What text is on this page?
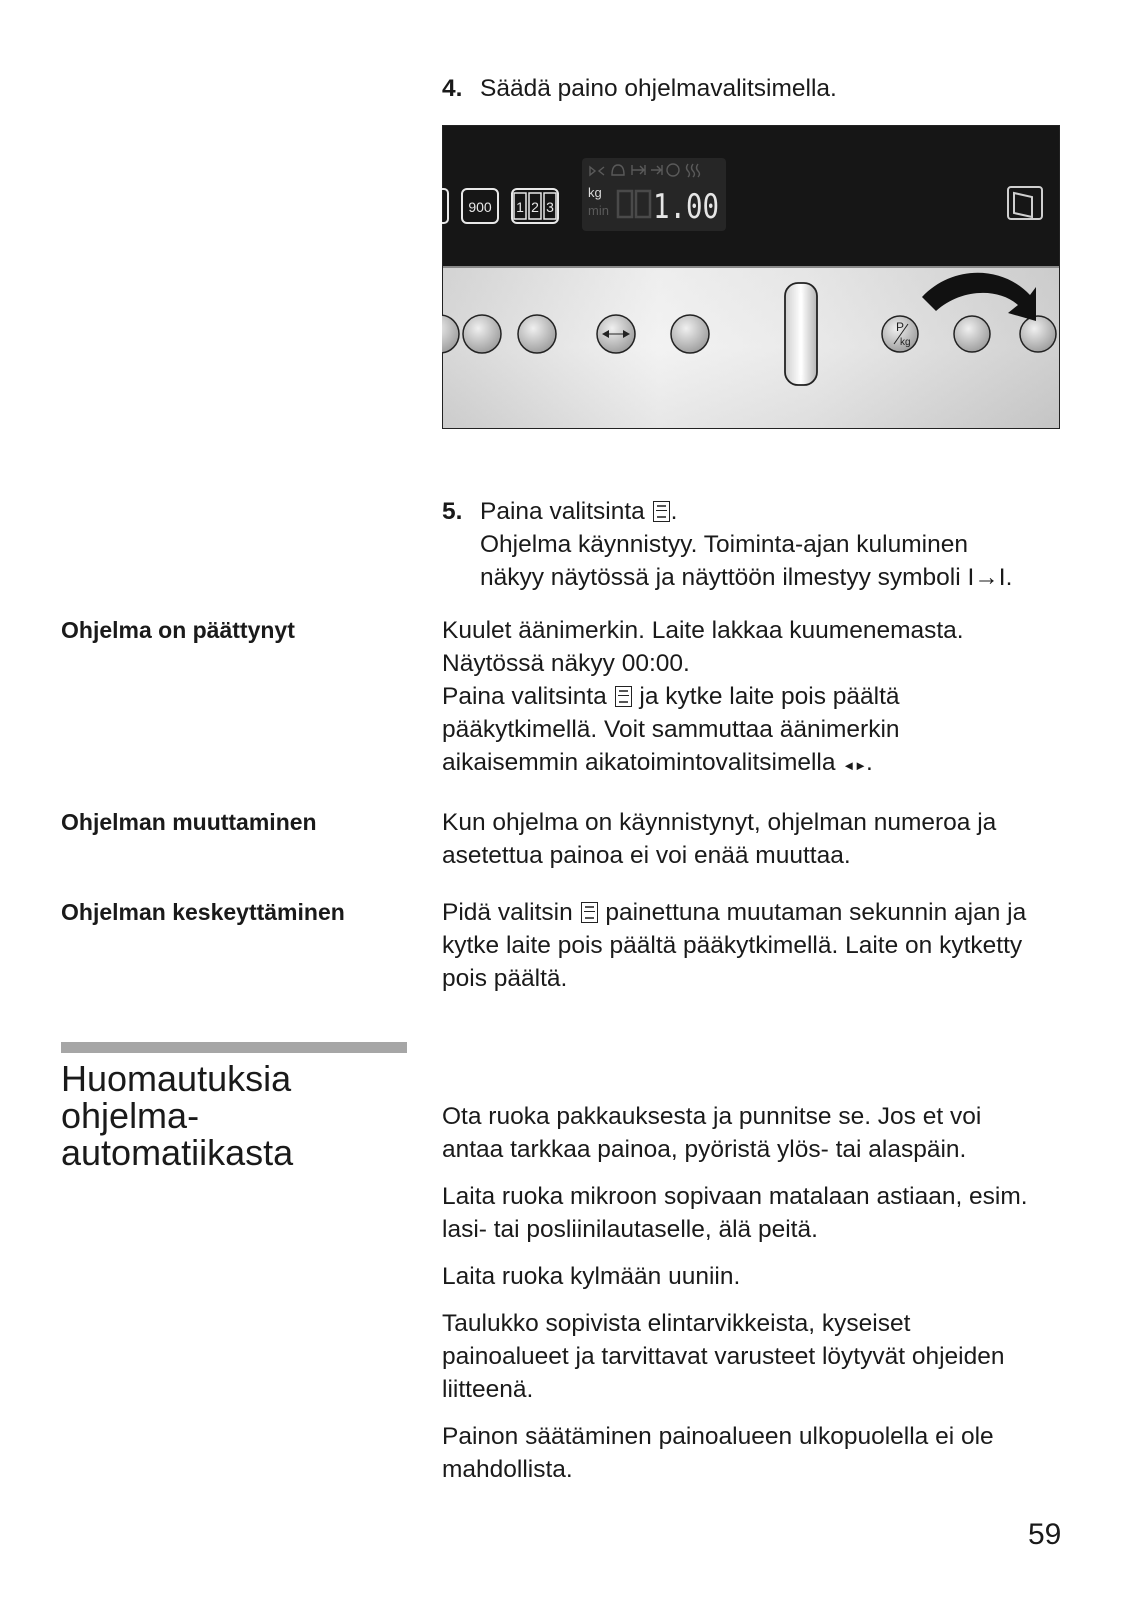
4. Säädä paino ohjelmavalitsimella.
900 1 2 3
kg
min 1.00
P
kg
5. Paina valitsinta .
Ohjelma käynnistyy. Toiminta-ajan kuluminen
näkyy näytössä ja näyttöön ilmestyy symboli I→I.
Ohjelma on päättynyt	Kuulet äänimerkin. Laite lakkaa kuumenemasta.
Näytössä näkyy 00:00.
Paina valitsinta ja kytke laite pois päältä
pääkytkimellä. Voit sammuttaa äänimerkin
aikaisemmin aikatoimintovalitsimella ◄►.
Ohjelman muuttaminen	Kun ohjelma on käynnistynyt, ohjelman numeroa ja
asetettua painoa ei voi enää muuttaa.
Ohjelman keskeyttäminen	Pidä valitsin painettuna muutaman sekunnin ajan ja
kytke laite pois päältä pääkytkimellä. Laite on kytketty
pois päältä.
Huomautuksia
ohjelma-
automatiikasta
Ota ruoka pakkauksesta ja punnitse se. Jos et voi
antaa tarkkaa painoa, pyöristä ylös- tai alaspäin.
Laita ruoka mikroon sopivaan matalaan astiaan, esim.
lasi- tai posliinilautaselle, älä peitä.
Laita ruoka kylmään uuniin.
Taulukko sopivista elintarvikkeista, kyseiset
painoalueet ja tarvittavat varusteet löytyvät ohjeiden
liitteenä.
Painon säätäminen painoalueen ulkopuolella ei ole
mahdollista.
59
